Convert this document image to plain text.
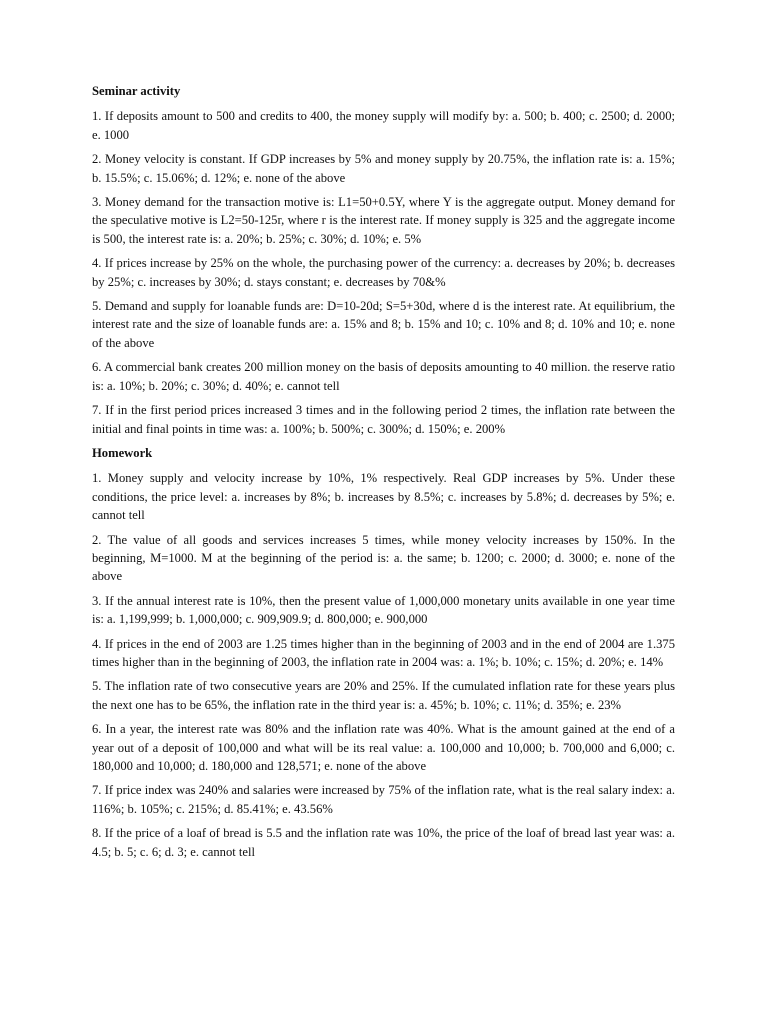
Seminar activity

1. If deposits amount to 500 and credits to 400, the money supply will modify by: a. 500; b. 400; c. 2500; d. 2000; e. 1000

2. Money velocity is constant. If GDP increases by 5% and money supply by 20.75%, the inflation rate is: a. 15%; b. 15.5%; c. 15.06%; d. 12%; e. none of the above

3. Money demand for the transaction motive is: L1=50+0.5Y, where Y is the aggregate output. Money demand for the speculative motive is L2=50-125r, where r is the interest rate. If money supply is 325 and the aggregate income is 500, the interest rate is: a. 20%; b. 25%; c. 30%; d. 10%; e. 5%

4. If prices increase by 25% on the whole, the purchasing power of the currency: a. decreases by 20%; b. decreases by 25%; c. increases by 30%; d. stays constant; e. decreases by 70&%

5. Demand and supply for loanable funds are: D=10-20d; S=5+30d, where d is the interest rate. At equilibrium, the interest rate and the size of loanable funds are: a. 15% and 8; b. 15% and 10; c. 10% and 8; d. 10% and 10; e. none of the above

6. A commercial bank creates 200 million money on the basis of deposits amounting to 40 million. the reserve ratio is: a. 10%; b. 20%; c. 30%; d. 40%; e. cannot tell

7. If in the first period prices increased 3 times and in the following period 2 times, the inflation rate between the initial and final points in time was: a. 100%; b. 500%; c. 300%; d. 150%; e. 200%

Homework

1. Money supply and velocity increase by 10%, 1% respectively. Real GDP increases by 5%. Under these conditions, the price level: a. increases by 8%; b. increases by 8.5%; c. increases by 5.8%; d. decreases by 5%; e. cannot tell

2. The value of all goods and services increases 5 times, while money velocity increases by 150%. In the beginning, M=1000. M at the beginning of the period is: a. the same; b. 1200; c. 2000; d. 3000; e. none of the above

3. If the annual interest rate is 10%, then the present value of 1,000,000 monetary units available in one year time is: a. 1,199,999; b. 1,000,000; c. 909,909.9; d. 800,000; e. 900,000

4. If prices in the end of 2003 are 1.25 times higher than in the beginning of 2003 and in the end of 2004 are 1.375 times higher than in the beginning of 2003, the inflation rate in 2004 was: a. 1%; b. 10%; c. 15%; d. 20%; e. 14%

5. The inflation rate of two consecutive years are 20% and 25%. If the cumulated inflation rate for these years plus the next one has to be 65%, the inflation rate in the third year is: a. 45%; b. 10%; c. 11%; d. 35%; e. 23%

6. In a year, the interest rate was 80% and the inflation rate was 40%. What is the amount gained at the end of a year out of a deposit of 100,000 and what will be its real value: a. 100,000 and 10,000; b. 700,000 and 6,000; c. 180,000 and 10,000; d. 180,000 and 128,571; e. none of the above

7. If price index was 240% and salaries were increased by 75% of the inflation rate, what is the real salary index: a. 116%; b. 105%; c. 215%; d. 85.41%; e. 43.56%

8. If the price of a loaf of bread is 5.5 and the inflation rate was 10%, the price of the loaf of bread last year was: a. 4.5; b. 5; c. 6; d. 3; e. cannot tell
